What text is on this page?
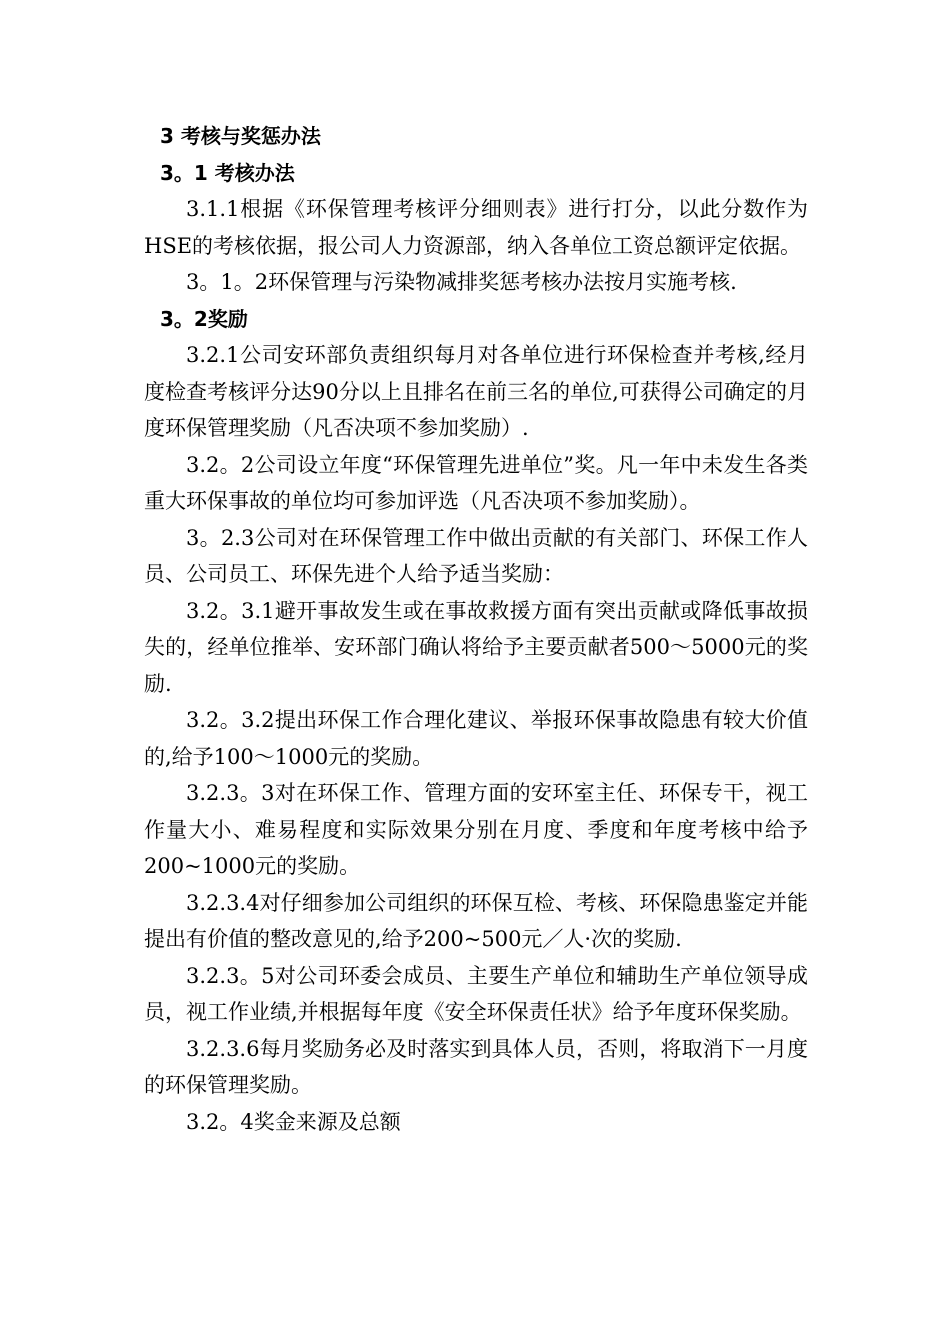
3 考核与奖惩办法

3。1 考核办法

3.1.1根据《环保管理考核评分细则表》进行打分，以此分数作为HSE的考核依据，报公司人力资源部，纳入各单位工资总额评定依据。

3。1。2环保管理与污染物减排奖惩考核办法按月实施考核.

3。2奖励

3.2.1公司安环部负责组织每月对各单位进行环保检查并考核,经月度检查考核评分达90分以上且排名在前三名的单位,可获得公司确定的月度环保管理奖励（凡否决项不参加奖励）.

3.2。2公司设立年度“环保管理先进单位”奖。凡一年中未发生各类重大环保事故的单位均可参加评选（凡否决项不参加奖励）。

3。2.3公司对在环保管理工作中做出贡献的有关部门、环保工作人员、公司员工、环保先进个人给予适当奖励：

3.2。3.1避开事故发生或在事故救援方面有突出贡献或降低事故损失的，经单位推举、安环部门确认将给予主要贡献者500～5000元的奖励.

3.2。3.2提出环保工作合理化建议、举报环保事故隐患有较大价值的,给予100～1000元的奖励。

3.2.3。3对在环保工作、管理方面的安环室主任、环保专干，视工作量大小、难易程度和实际效果分别在月度、季度和年度考核中给予200~1000元的奖励。

3.2.3.4对仔细参加公司组织的环保互检、考核、环保隐患鉴定并能提出有价值的整改意见的,给予200~500元／人·次的奖励.

3.2.3。5对公司环委会成员、主要生产单位和辅助生产单位领导成员，视工作业绩,并根据每年度《安全环保责任状》给予年度环保奖励。

3.2.3.6每月奖励务必及时落实到具体人员，否则，将取消下一月度的环保管理奖励。

3.2。4奖金来源及总额
